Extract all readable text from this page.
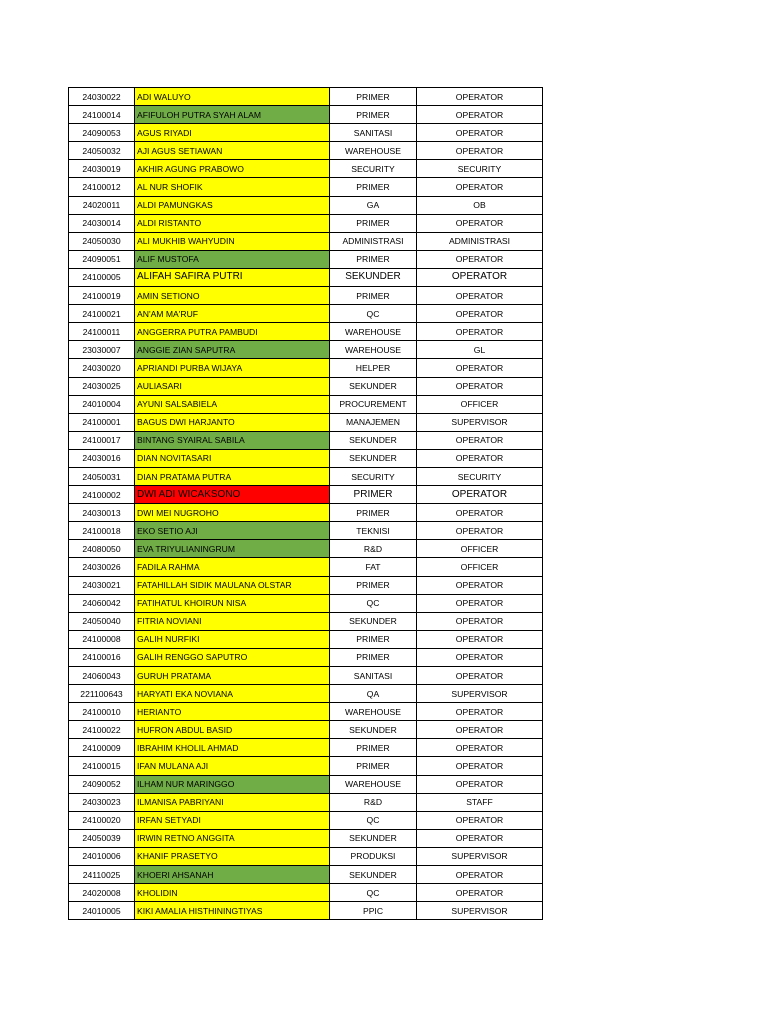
24030022	ADI WALUYO	PRIMER	OPERATOR
24100014	AFIFULOH PUTRA SYAH ALAM	PRIMER	OPERATOR
24090053	AGUS RIYADI	SANITASI	OPERATOR
24050032	AJI AGUS SETIAWAN	WAREHOUSE	OPERATOR
24030019	AKHIR AGUNG PRABOWO	SECURITY	SECURITY
24100012	AL NUR SHOFIK	PRIMER	OPERATOR
24020011	ALDI PAMUNGKAS	GA	OB
24030014	ALDI RISTANTO	PRIMER	OPERATOR
24050030	ALI MUKHIB WAHYUDIN	ADMINISTRASI	ADMINISTRASI
24090051	ALIF MUSTOFA	PRIMER	OPERATOR
24100005	ALIFAH SAFIRA PUTRI	SEKUNDER	OPERATOR
24100019	AMIN SETIONO	PRIMER	OPERATOR
24100021	AN'AM MA'RUF	QC	OPERATOR
24100011	ANGGERRA PUTRA PAMBUDI	WAREHOUSE	OPERATOR
23030007	ANGGIE ZIAN SAPUTRA	WAREHOUSE	GL
24030020	APRIANDI PURBA WIJAYA	HELPER	OPERATOR
24030025	AULIASARI	SEKUNDER	OPERATOR
24010004	AYUNI SALSABIELA	PROCUREMENT	OFFICER
24100001	BAGUS DWI HARJANTO	MANAJEMEN	SUPERVISOR
24100017	BINTANG SYAIRAL SABILA	SEKUNDER	OPERATOR
24030016	DIAN NOVITASARI	SEKUNDER	OPERATOR
24050031	DIAN PRATAMA PUTRA	SECURITY	SECURITY
24100002	DWI ADI WICAKSONO	PRIMER	OPERATOR
24030013	DWI MEI NUGROHO	PRIMER	OPERATOR
24100018	EKO SETIO AJI	TEKNISI	OPERATOR
24080050	EVA TRIYULIANINGRUM	R&D	OFFICER
24030026	FADILA RAHMA	FAT	OFFICER
24030021	FATAHILLAH SIDIK MAULANA OLSTAR	PRIMER	OPERATOR
24060042	FATIHATUL KHOIRUN NISA	QC	OPERATOR
24050040	FITRIA NOVIANI	SEKUNDER	OPERATOR
24100008	GALIH NURFIKI	PRIMER	OPERATOR
24100016	GALIH RENGGO SAPUTRO	PRIMER	OPERATOR
24060043	GURUH PRATAMA	SANITASI	OPERATOR
221100643	HARYATI EKA NOVIANA	QA	SUPERVISOR
24100010	HERIANTO	WAREHOUSE	OPERATOR
24100022	HUFRON ABDUL BASID	SEKUNDER	OPERATOR
24100009	IBRAHIM KHOLIL AHMAD	PRIMER	OPERATOR
24100015	IFAN MULANA AJI	PRIMER	OPERATOR
24090052	ILHAM NUR MARINGGO	WAREHOUSE	OPERATOR
24030023	ILMANISA PABRIYANI	R&D	STAFF
24100020	IRFAN SETYADI	QC	OPERATOR
24050039	IRWIN RETNO ANGGITA	SEKUNDER	OPERATOR
24010006	KHANIF PRASETYO	PRODUKSI	SUPERVISOR
24110025	KHOERI AHSANAH	SEKUNDER	OPERATOR
24020008	KHOLIDIN	QC	OPERATOR
24010005	KIKI AMALIA HISTHININGTIYAS	PPIC	SUPERVISOR
